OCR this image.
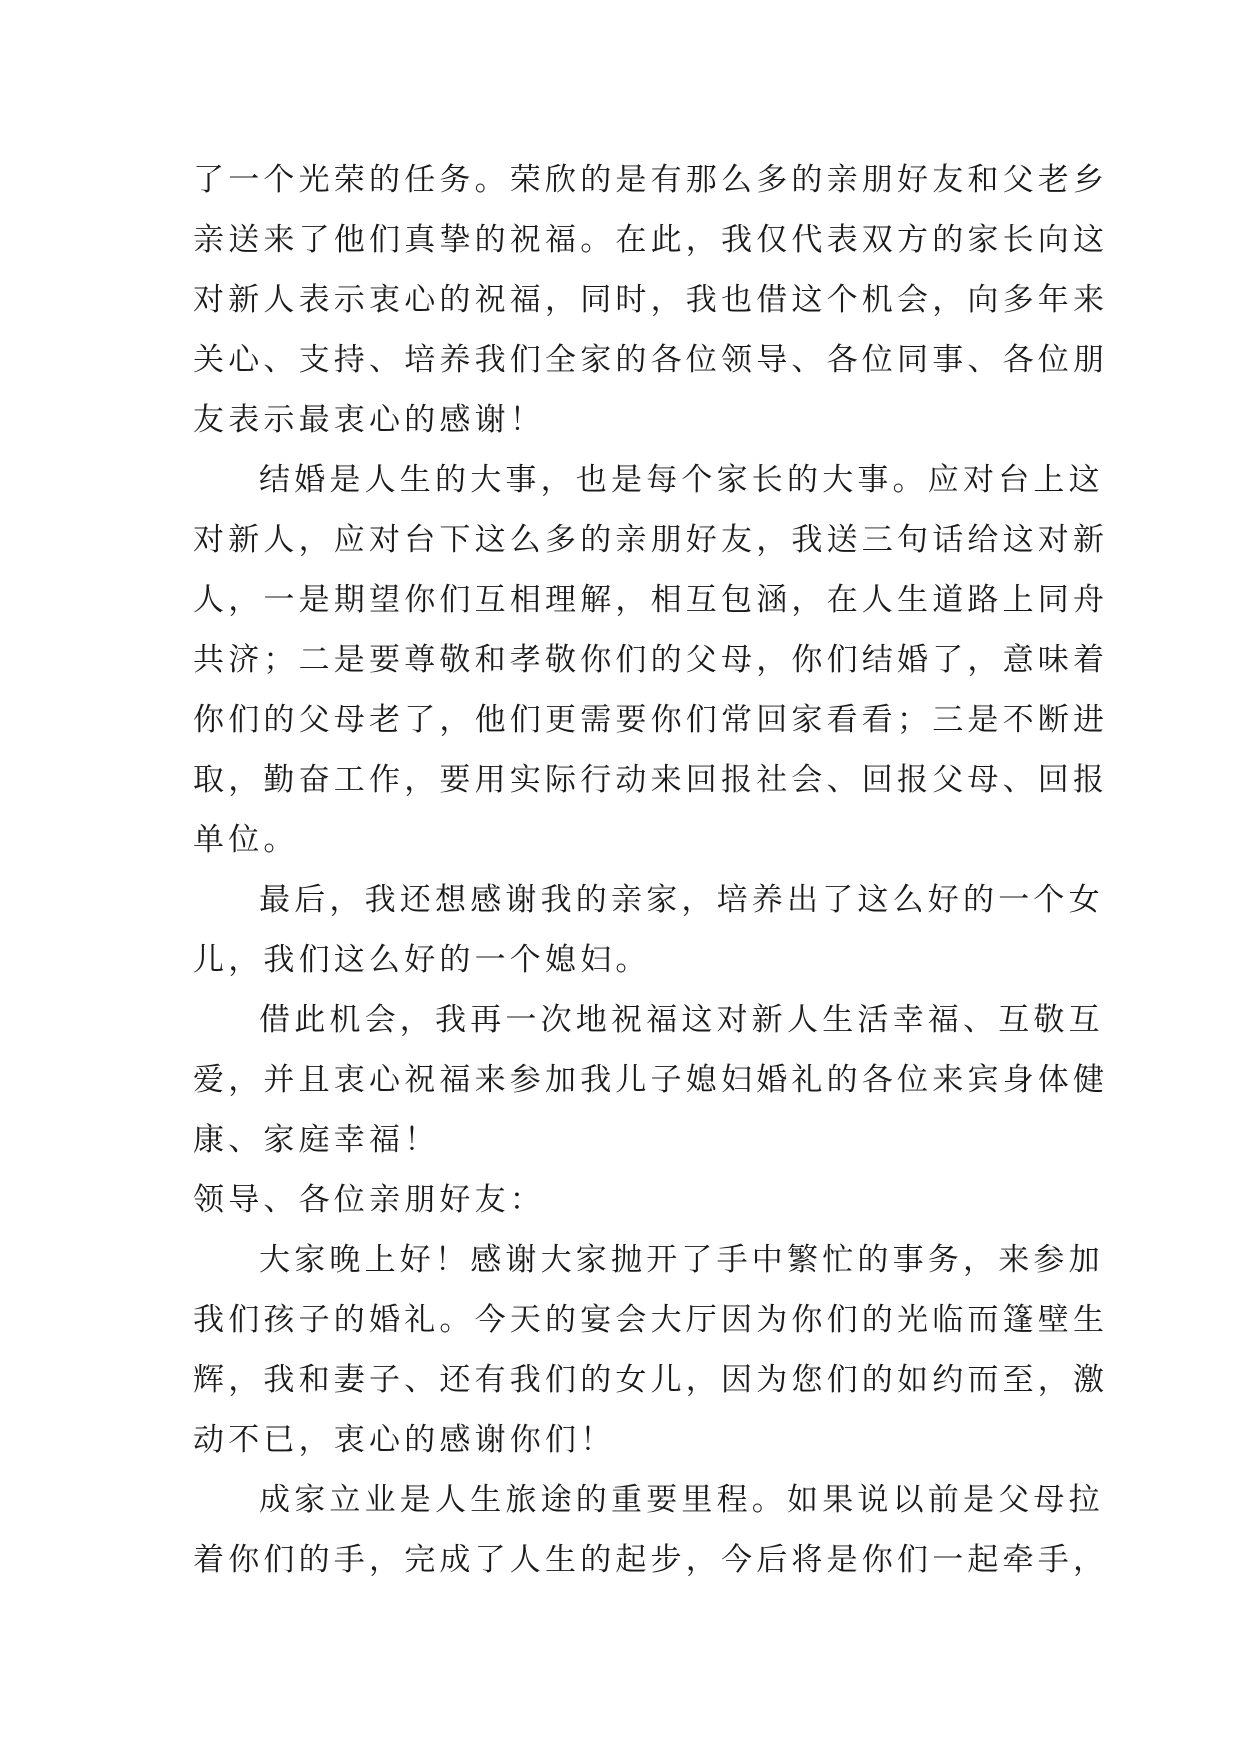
了一个光荣的任务。荣欣的是有那么多的亲朋好友和父老乡
亲送来了他们真挚的祝福。在此，我仅代表双方的家长向这
对新人表示衷心的祝福，同时，我也借这个机会，向多年来
关心、支持、培养我们全家的各位领导、各位同事、各位朋
友表示最衷心的感谢！
结婚是人生的大事，也是每个家长的大事。应对台上这
对新人，应对台下这么多的亲朋好友，我送三句话给这对新
人，一是期望你们互相理解，相互包涵，在人生道路上同舟
共济；二是要尊敬和孝敬你们的父母，你们结婚了，意味着
你们的父母老了，他们更需要你们常回家看看；三是不断进
取，勤奋工作，要用实际行动来回报社会、回报父母、回报
单位。
最后，我还想感谢我的亲家，培养出了这么好的一个女
儿，我们这么好的一个媳妇。
借此机会，我再一次地祝福这对新人生活幸福、互敬互
爱，并且衷心祝福来参加我儿子媳妇婚礼的各位来宾身体健
康、家庭幸福！
领导、各位亲朋好友：
大家晚上好！感谢大家抛开了手中繁忙的事务，来参加
我们孩子的婚礼。今天的宴会大厅因为你们的光临而篷壁生
辉，我和妻子、还有我们的女儿，因为您们的如约而至，激
动不已，衷心的感谢你们！
成家立业是人生旅途的重要里程。如果说以前是父母拉
着你们的手，完成了人生的起步，今后将是你们一起牵手，
